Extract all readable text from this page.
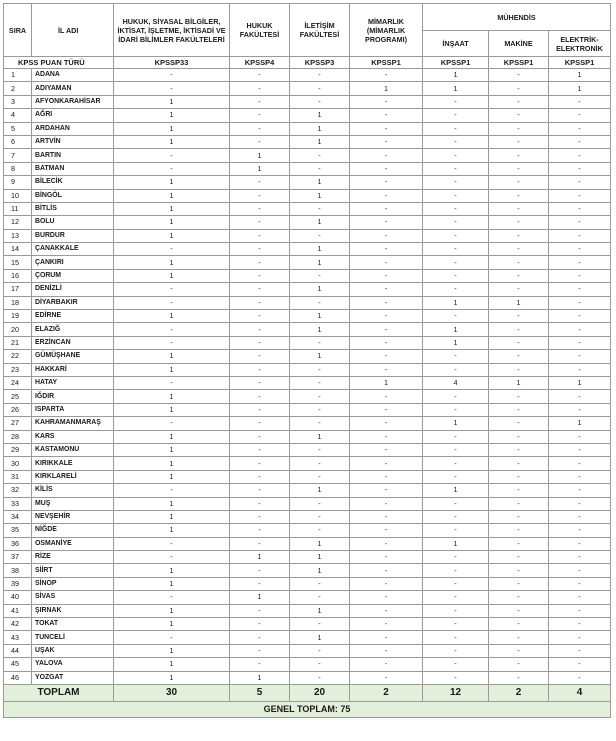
SIRA	İL ADI	HUKUK, SİYASAL BİLGİLER, İKTİSAT, İŞLETME, İKTİSADİ VE İDARİ BİLİMLER FAKÜLTELERİ	HUKUK FAKÜLTESİ	İLETİŞİM FAKÜLTESİ	MİMARLIK (MİMARLIK PROGRAMI)	MÜHENDİS		
						İNŞAAT	MAKİNE	ELEKTRİK-ELEKTRONİK
KPSS PUAN TÜRÜ		KPSSP33	KPSSP4	KPSSP3	KPSSP1	KPSSP1	KPSSP1	KPSSP1
1	ADANA	-	-	-	-	1	-	1
2	ADIYAMAN	-	-	-	1	1	-	1
3	AFYONKARAHİSAR	1	-	-	-	-	-	-
4	AĞRI	1	-	1	-	-	-	-
5	ARDAHAN	1	-	1	-	-	-	-
6	ARTVİN	1	-	1	-	-	-	-
7	BARTIN	-	1	-	-	-	-	-
8	BATMAN	-	1	-	-	-	-	-
9	BİLECİK	1	-	1	-	-	-	-
10	BİNGÖL	1	-	1	-	-	-	-
11	BİTLİS	1	-	-	-	-	-	-
12	BOLU	1	-	1	-	-	-	-
13	BURDUR	1	-	-	-	-	-	-
14	ÇANAKKALE	-	-	1	-	-	-	-
15	ÇANKIRI	1	-	1	-	-	-	-
16	ÇORUM	1	-	-	-	-	-	-
17	DENİZLİ	-	-	1	-	-	-	-
18	DİYARBAKIR	-	-	-	-	1	1	-
19	EDİRNE	1	-	1	-	-	-	-
20	ELAZIĞ	-	-	1	-	1	-	-
21	ERZİNCAN	-	-	-	-	1	-	-
22	GÜMÜŞHANE	1	-	1	-	-	-	-
23	HAKKARİ	1	-	-	-	-	-	-
24	HATAY	-	-	-	1	4	1	1
25	IĞDIR	1	-	-	-	-	-	-
26	ISPARTA	1	-	-	-	-	-	-
27	KAHRAMANMARAŞ	-	-	-	-	1	-	1
28	KARS	1	-	1	-	-	-	-
29	KASTAMONU	1	-	-	-	-	-	-
30	KIRIKKALE	1	-	-	-	-	-	-
31	KIRKLARELİ	1	-	-	-	-	-	-
32	KİLİS	-	-	1	-	1	-	-
33	MUŞ	1	-	-	-	-	-	-
34	NEVŞEHİR	1	-	-	-	-	-	-
35	NİĞDE	1	-	-	-	-	-	-
36	OSMANİYE	-	-	1	-	1	-	-
37	RİZE	-	1	1	-	-	-	-
38	SİİRT	1	-	1	-	-	-	-
39	SİNOP	1	-	-	-	-	-	-
40	SİVAS	-	1	-	-	-	-	-
41	ŞIRNAK	1	-	1	-	-	-	-
42	TOKAT	1	-	-	-	-	-	-
43	TUNCELİ	-	-	1	-	-	-	-
44	UŞAK	1	-	-	-	-	-	-
45	YALOVA	1	-	-	-	-	-	-
46	YOZGAT	1	1	-	-	-	-	-
TOPLAM		30	5	20	2	12	2	4
GENEL TOPLAM: 75								
